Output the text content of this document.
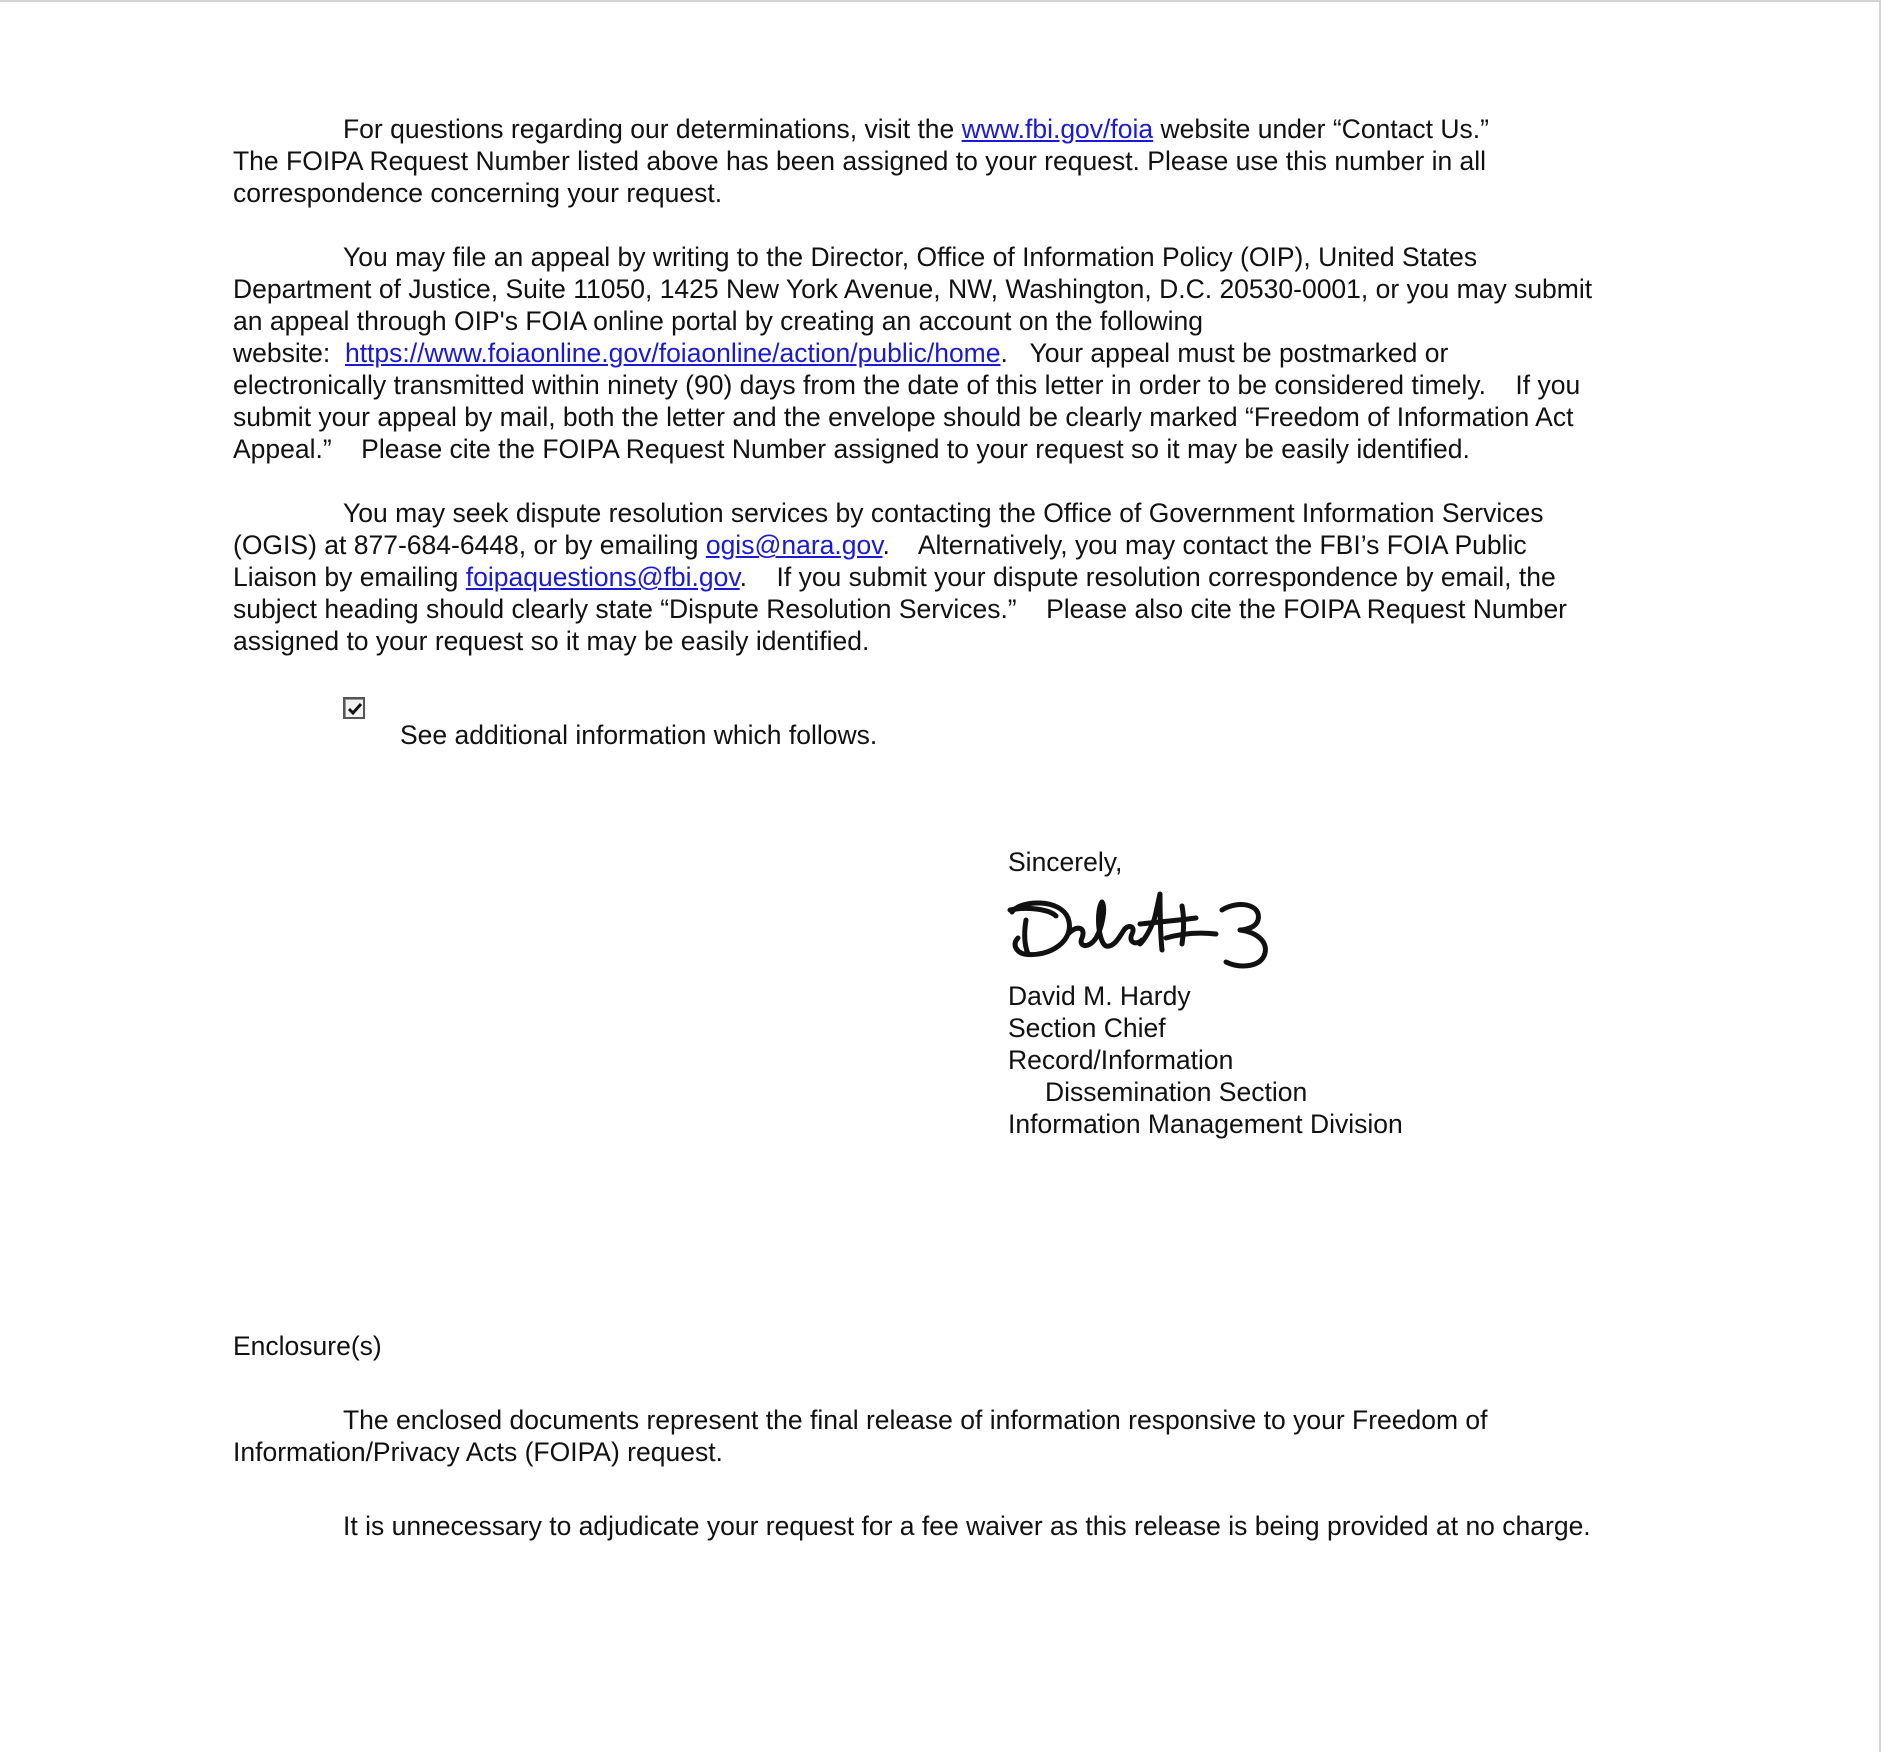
For questions regarding our determinations, visit the www.fbi.gov/foia website under “Contact Us.”
The FOIPA Request Number listed above has been assigned to your request. Please use this number in all
correspondence concerning your request.

You may file an appeal by writing to the Director, Office of Information Policy (OIP), United States
Department of Justice, Suite 11050, 1425 New York Avenue, NW, Washington, D.C. 20530-0001, or you may submit
an appeal through OIP's FOIA online portal by creating an account on the following
website:  https://www.foiaonline.gov/foiaonline/action/public/home.   Your appeal must be postmarked or
electronically transmitted within ninety (90) days from the date of this letter in order to be considered timely.    If you
submit your appeal by mail, both the letter and the envelope should be clearly marked “Freedom of Information Act
Appeal.”    Please cite the FOIPA Request Number assigned to your request so it may be easily identified.

You may seek dispute resolution services by contacting the Office of Government Information Services
(OGIS) at 877-684-6448, or by emailing ogis@nara.gov.    Alternatively, you may contact the FBI’s FOIA Public
Liaison by emailing foipaquestions@fbi.gov.    If you submit your dispute resolution correspondence by email, the
subject heading should clearly state “Dispute Resolution Services.”    Please also cite the FOIPA Request Number
assigned to your request so it may be easily identified.

See additional information which follows.
Sincerely,
David M. Hardy
Section Chief
Record/Information
Dissemination Section
Information Management Division
Enclosure(s)

The enclosed documents represent the final release of information responsive to your Freedom of
Information/Privacy Acts (FOIPA) request.

It is unnecessary to adjudicate your request for a fee waiver as this release is being provided at no charge.
